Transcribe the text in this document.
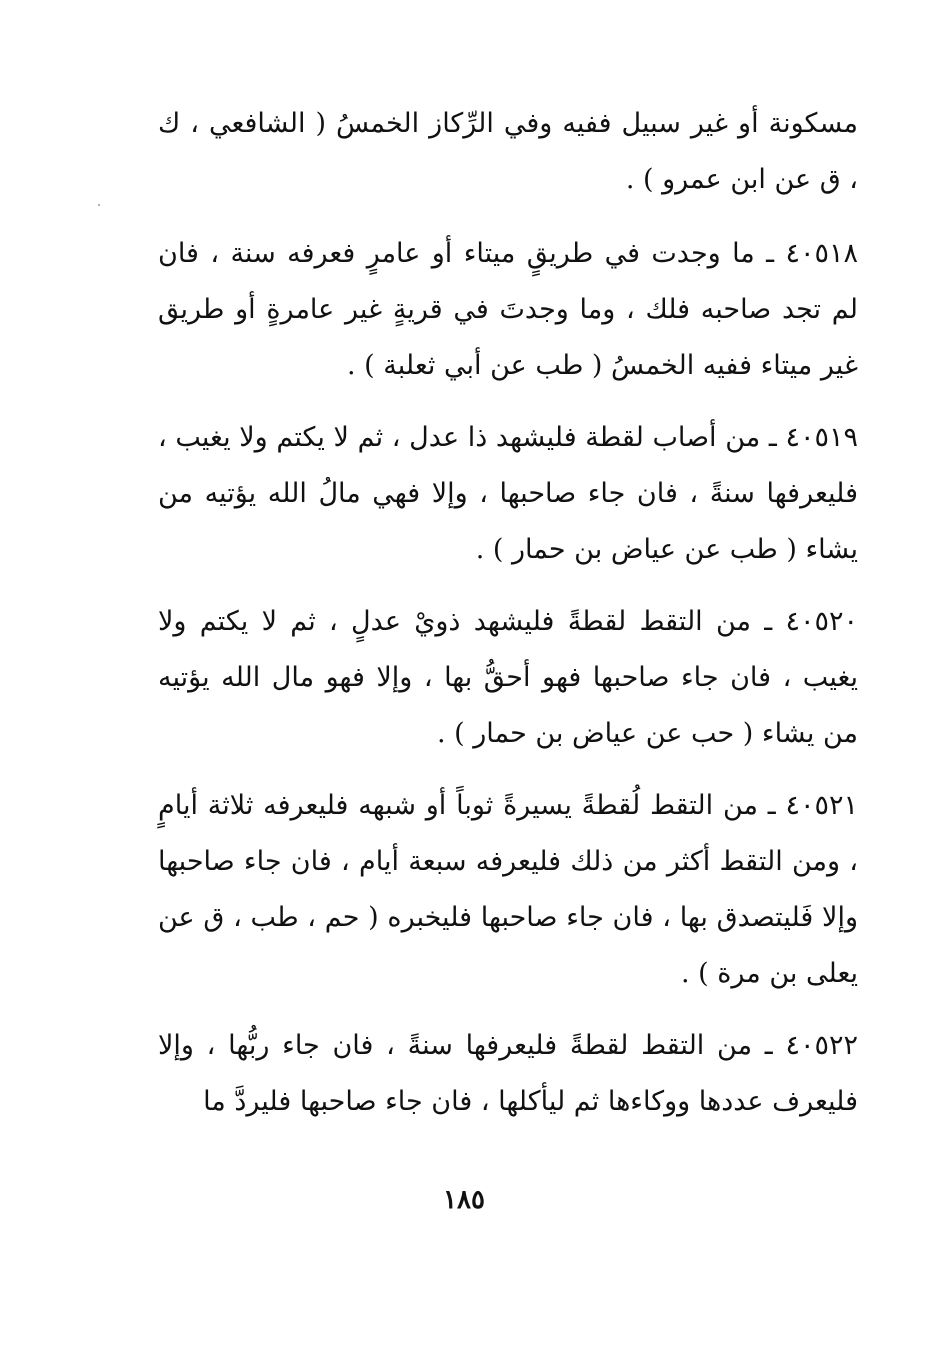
مسكونة أو غير سبيل ففيه وفي الرِّكاز الخمسُ ( الشافعي ، ك ، ق عن ابن عمرو ) .

٤٠٥١٨ ـ ما وجدت في طريقٍ ميتاء أو عامرٍ فعرفه سنة ، فان لم تجد صاحبه فلك ، وما وجدتَ في قريةٍ غير عامرةٍ أو طريق غير ميتاء ففيه الخمسُ ( طب عن أبي ثعلبة ) .

٤٠٥١٩ ـ من أصاب لقطة فليشهد ذا عدل ، ثم لا يكتم ولا يغيب ، فليعرفها سنةً ، فان جاء صاحبها ، وإلا فهي مالُ الله يؤتيه من يشاء ( طب عن عياض بن حمار ) .

٤٠٥٢٠ ـ من التقط لقطةً فليشهد ذويْ عدلٍ ، ثم لا يكتم ولا يغيب ، فان جاء صاحبها فهو أحقُّ بها ، وإلا فهو مال الله يؤتيه من يشاء ( حب عن عياض بن حمار ) .

٤٠٥٢١ ـ من التقط لُقطةً يسيرةً ثوباً أو شبهه فليعرفه ثلاثة أيامٍ ، ومن التقط أكثر من ذلك فليعرفه سبعة أيام ، فان جاء صاحبها وإلا فَليتصدق بها ، فان جاء صاحبها فليخبره ( حم ، طب ، ق عن يعلى بن مرة ) .

٤٠٥٢٢ ـ من التقط لقطةً فليعرفها سنةً ، فان جاء ربُّها ، وإلا فليعرف عددها ووكاءها ثم ليأكلها ، فان جاء صاحبها فليردَّ ما

١٨٥
